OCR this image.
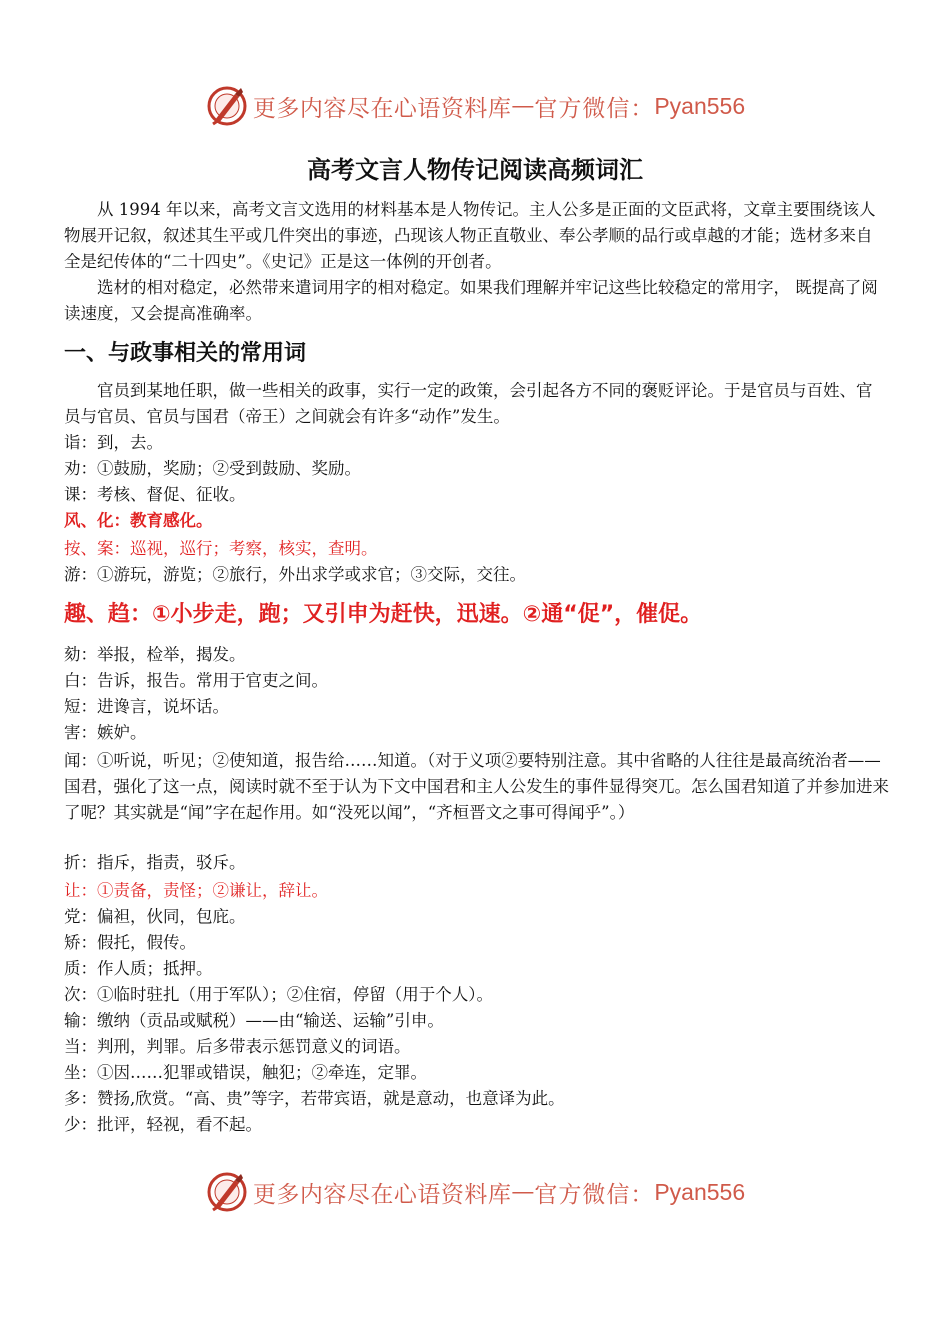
更多内容尽在心语资料库 — 官方微信： Pyan556
高考文言人物传记阅读高频词汇

从 1994 年以来，高考文言文选用的材料基本是人物传记。主人公多是正面的文臣武将，文章主要围绕该人物展开记叙，叙述其生平或几件突出的事迹，凸现该人物正直敬业、奉公孝顺的品行或卓越的才能；选材多来自全是纪传体的“二十四史”。《史记》正是这一体例的开创者。

选材的相对稳定，必然带来遣词用字的相对稳定。如果我们理解并牢记这些比较稳定的常用字， 既提高了阅读速度，又会提高准确率。

一、与政事相关的常用词

官员到某地任职，做一些相关的政事，实行一定的政策，会引起各方不同的褒贬评论。于是官员与百姓、官员与官员、官员与国君（帝王）之间就会有许多“动作”发生。

诣：到，去。

劝：①鼓励，奖励；②受到鼓励、奖励。

课：考核、督促、征收。

风、化：教育感化。

按、案：巡视，巡行；考察，核实，查明。

游：①游玩，游览；②旅行，外出求学或求官；③交际，交往。

趣、趋：①小步走，跑；又引申为赶快，迅速。②通“促”，催促。

劾：举报，检举，揭发。

白：告诉，报告。常用于官吏之间。

短：进谗言，说坏话。

害：嫉妒。

闻：①听说，听见；②使知道，报告给……知道。（对于义项②要特别注意。其中省略的人往往是最高统治者——国君，强化了这一点，阅读时就不至于认为下文中国君和主人公发生的事件显得突兀。怎么国君知道了并参加进来了呢？其实就是“闻”字在起作用。如“没死以闻”，“齐桓晋文之事可得闻乎”。）

折：指斥，指责，驳斥。

让：①责备，责怪；②谦让，辞让。

党：偏袒，伙同，包庇。

矫：假托，假传。

质：作人质；抵押。

次：①临时驻扎（用于军队）；②住宿，停留（用于个人）。

输：缴纳（贡品或赋税）——由“输送、运输”引申。

当：判刑，判罪。后多带表示惩罚意义的词语。

坐：①因……犯罪或错误，触犯；②牵连，定罪。

多：赞扬,欣赏。“高、贵”等字，若带宾语，就是意动，也意译为此。

少：批评，轻视，看不起。

更多内容尽在心语资料库 — 官方微信： Pyan556
